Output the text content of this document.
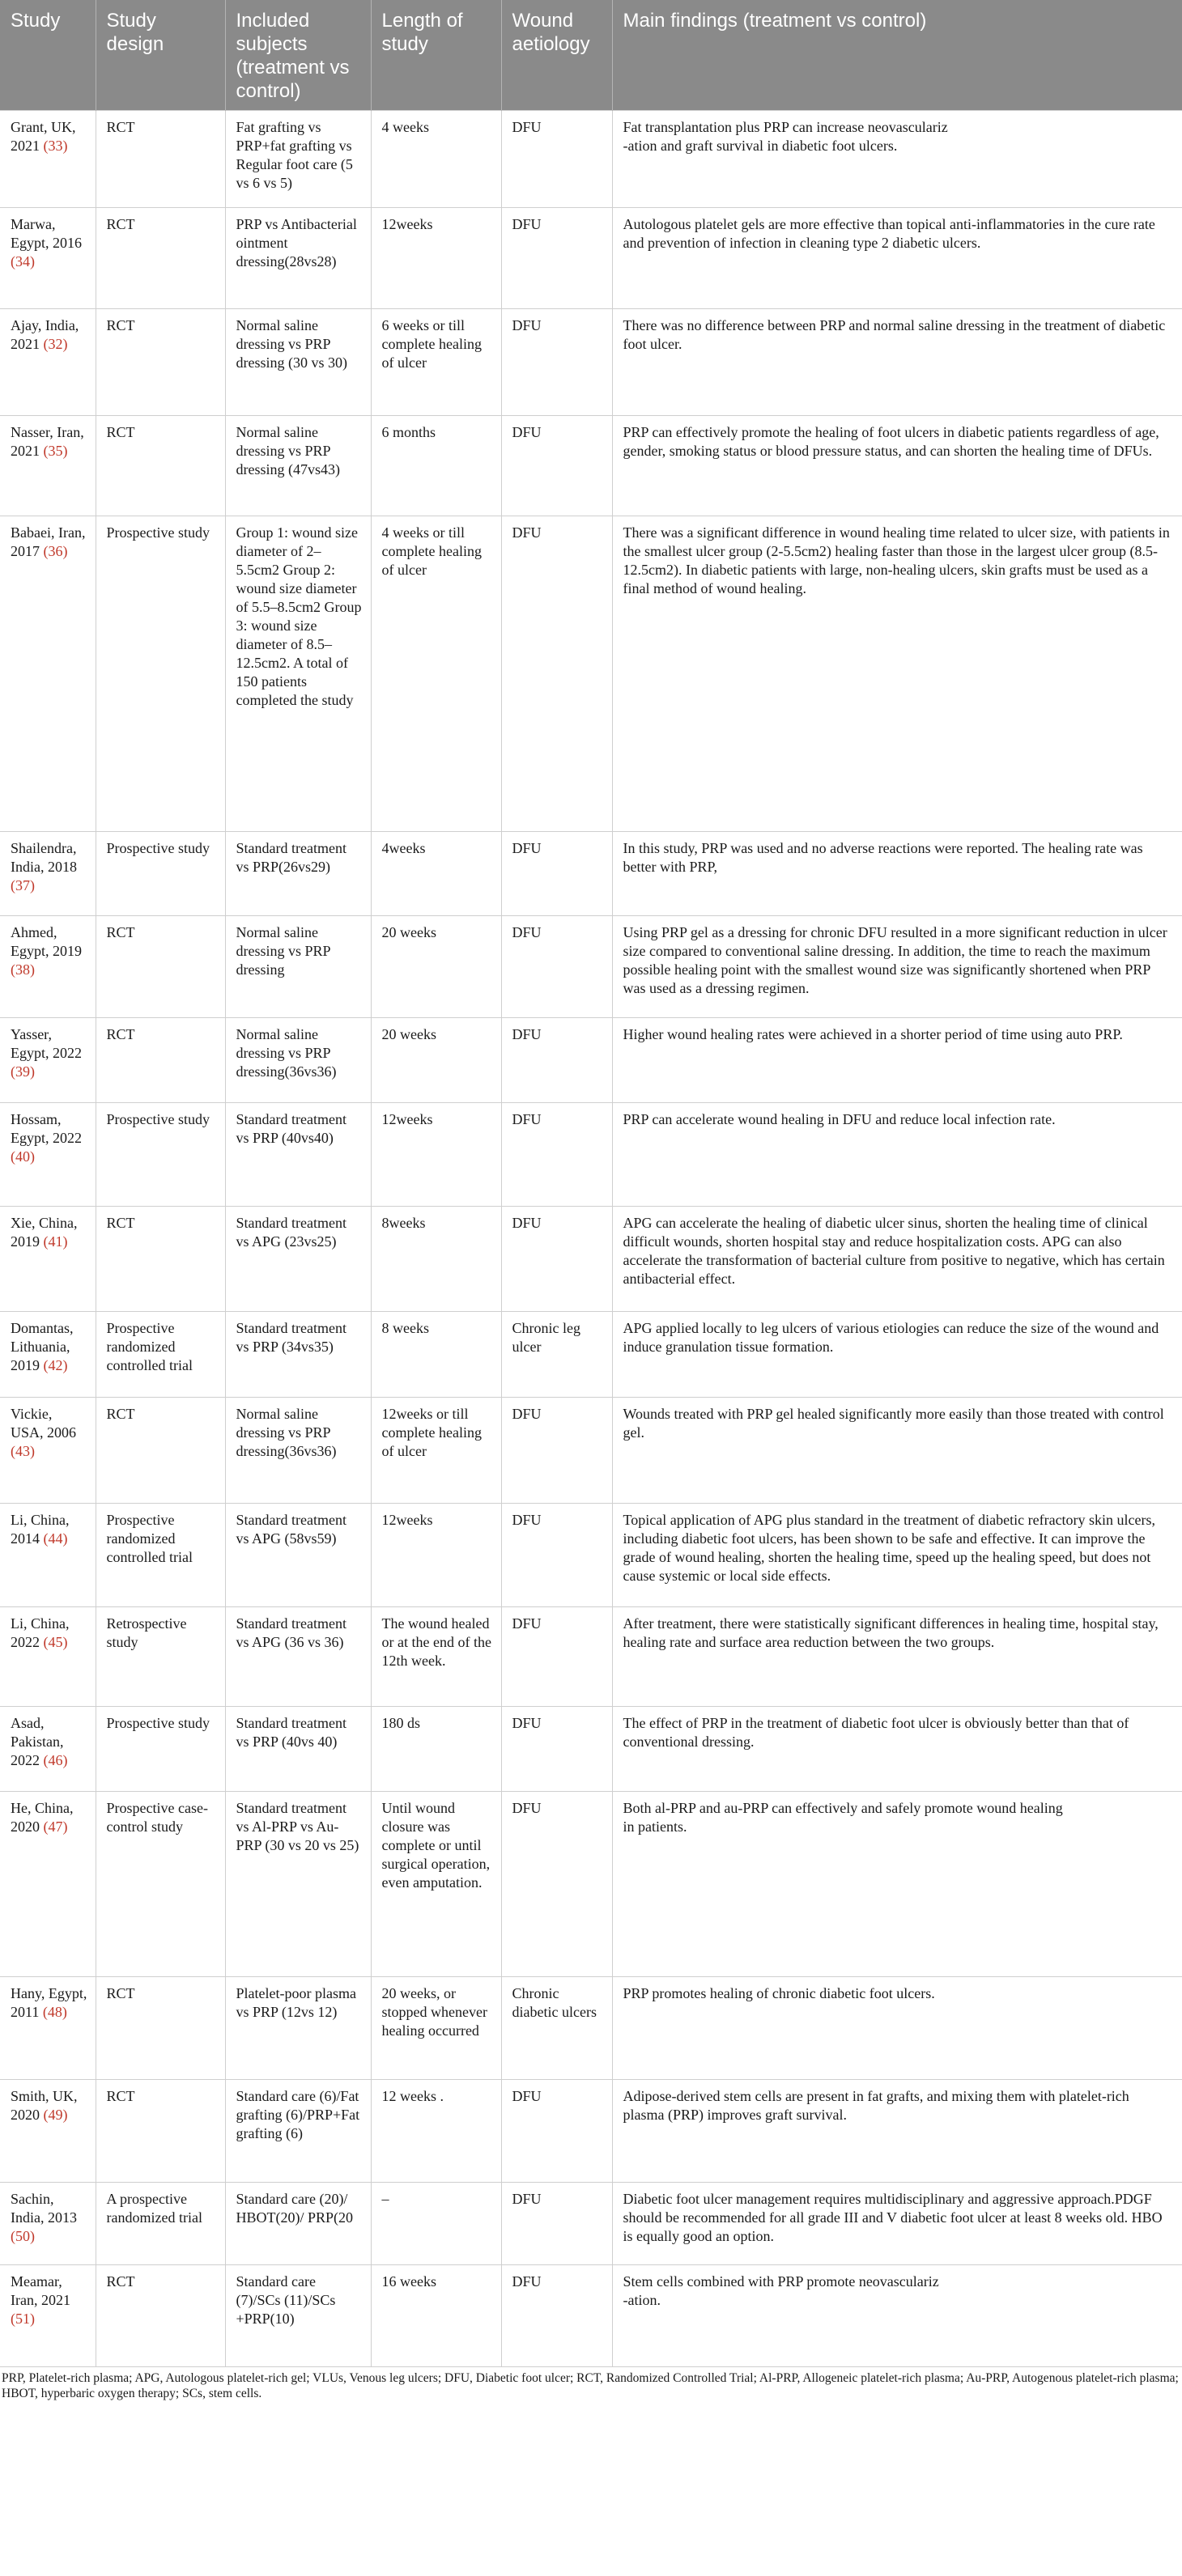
Study	Study design	Included subjects (treatment vs control)	Length of study	Wound aetiology	Main findings (treatment vs control)
Grant, UK, 2021 (33)	RCT	Fat grafting vs PRP+fat grafting vs Regular foot care (5 vs 6 vs 5)	4 weeks	DFU	Fat transplantation plus PRP can increase neovasculariz
-ation and graft survival in diabetic foot ulcers.

Marwa, Egypt, 2016 (34)	RCT	PRP vs Antibacterial ointment dressing(28vs28)	12weeks	DFU	Autologous platelet gels are more effective than topical anti-inflammatories in the cure rate and prevention of infection in cleaning type 2 diabetic ulcers.

Ajay, India, 2021 (32)	RCT	Normal saline dressing vs PRP dressing (30 vs 30)	6 weeks or till complete healing of ulcer	DFU	There was no difference between PRP and normal saline dressing in the treatment of diabetic foot ulcer.

Nasser, Iran, 2021 (35)	RCT	Normal saline dressing vs PRP dressing (47vs43)	6 months	DFU	PRP can effectively promote the healing of foot ulcers in diabetic patients regardless of age, gender, smoking status or blood pressure status, and can shorten the healing time of DFUs.

Babaei, Iran, 2017 (36)	Prospective study	Group 1: wound size diameter of 2–5.5cm2 Group 2: wound size diameter of 5.5–8.5cm2 Group 3: wound size diameter of 8.5–12.5cm2. A total of 150 patients completed the study	4 weeks or till complete healing of ulcer	DFU	There was a significant difference in wound healing time related to ulcer size, with patients in the smallest ulcer group (2-5.5cm2) healing faster than those in the largest ulcer group (8.5-12.5cm2). In diabetic patients with large, non-healing ulcers, skin grafts must be used as a final method of wound healing.

Shailendra, India, 2018 (37)	Prospective study	Standard treatment vs PRP(26vs29)	4weeks	DFU	In this study, PRP was used and no adverse reactions were reported. The healing rate was better with PRP,

Ahmed, Egypt, 2019 (38)	RCT	Normal saline dressing vs PRP dressing	20 weeks	DFU	Using PRP gel as a dressing for chronic DFU resulted in a more significant reduction in ulcer size compared to conventional saline dressing. In addition, the time to reach the maximum possible healing point with the smallest wound size was significantly shortened when PRP was used as a dressing regimen.

Yasser, Egypt, 2022 (39)	RCT	Normal saline dressing vs PRP dressing(36vs36)	20 weeks	DFU	Higher wound healing rates were achieved in a shorter period of time using auto PRP.

Hossam, Egypt, 2022 (40)	Prospective study	Standard treatment vs PRP (40vs40)	12weeks	DFU	PRP can accelerate wound healing in DFU and reduce local infection rate.

Xie, China, 2019 (41)	RCT	Standard treatment vs APG (23vs25)	8weeks	DFU	APG can accelerate the healing of diabetic ulcer sinus, shorten the healing time of clinical difficult wounds, shorten hospital stay and reduce hospitalization costs. APG can also accelerate the transformation of bacterial culture from positive to negative, which has certain antibacterial effect.

Domantas, Lithuania, 2019 (42)	Prospective randomized controlled trial	Standard treatment vs PRP (34vs35)	8 weeks	Chronic leg ulcer	APG applied locally to leg ulcers of various etiologies can reduce the size of the wound and induce granulation tissue formation.

Vickie, USA, 2006 (43)	RCT	Normal saline dressing vs PRP dressing(36vs36)	12weeks or till complete healing of ulcer	DFU	Wounds treated with PRP gel healed significantly more easily than those treated with control gel.

Li, China, 2014 (44)	Prospective randomized controlled trial	Standard treatment vs APG (58vs59)	12weeks	DFU	Topical application of APG plus standard in the treatment of diabetic refractory skin ulcers, including diabetic foot ulcers, has been shown to be safe and effective. It can improve the grade of wound healing, shorten the healing time, speed up the healing speed, but does not cause systemic or local side effects.

Li, China, 2022 (45)	Retrospective study	Standard treatment vs APG (36 vs 36)	The wound healed or at the end of the 12th week.	DFU	After treatment, there were statistically significant differences in healing time, hospital stay, healing rate and surface area reduction between the two groups.

Asad, Pakistan, 2022 (46)	Prospective study	Standard treatment vs PRP (40vs 40)	180 ds	DFU	The effect of PRP in the treatment of diabetic foot ulcer is obviously better than that of conventional dressing.

He, China, 2020 (47)	Prospective case-control study	Standard treatment vs Al-PRP vs Au-PRP (30 vs 20 vs 25)	Until wound closure was complete or until surgical operation, even amputation.	DFU	Both al-PRP and au-PRP can effectively and safely promote wound healing
in patients.

Hany, Egypt, 2011 (48)	RCT	Platelet-poor plasma vs PRP (12vs 12)	20 weeks, or stopped whenever healing occurred	Chronic diabetic ulcers	PRP promotes healing of chronic diabetic foot ulcers.

Smith, UK, 2020 (49)	RCT	Standard care (6)/Fat grafting (6)/PRP+Fat grafting (6)	12 weeks .	DFU	Adipose-derived stem cells are present in fat grafts, and mixing them with platelet-rich plasma (PRP) improves graft survival.

Sachin, India, 2013 (50)	A prospective randomized trial	Standard care (20)/ HBOT(20)/ PRP(20	–	DFU	Diabetic foot ulcer management requires multidisciplinary and aggressive approach.PDGF should be recommended for all grade III and V diabetic foot ulcer at least 8 weeks old. HBO is equally good an option.

Meamar, Iran, 2021 (51)	RCT	Standard care (7)/SCs (11)/SCs +PRP(10)	16 weeks	DFU	Stem cells combined with PRP promote neovasculariz
-ation.
PRP, Platelet-rich plasma; APG, Autologous platelet-rich gel; VLUs, Venous leg ulcers; DFU, Diabetic foot ulcer; RCT, Randomized Controlled Trial; Al-PRP, Allogeneic platelet-rich plasma; Au-PRP, Autogenous platelet-rich plasma; HBOT, hyperbaric oxygen therapy; SCs, stem cells.
